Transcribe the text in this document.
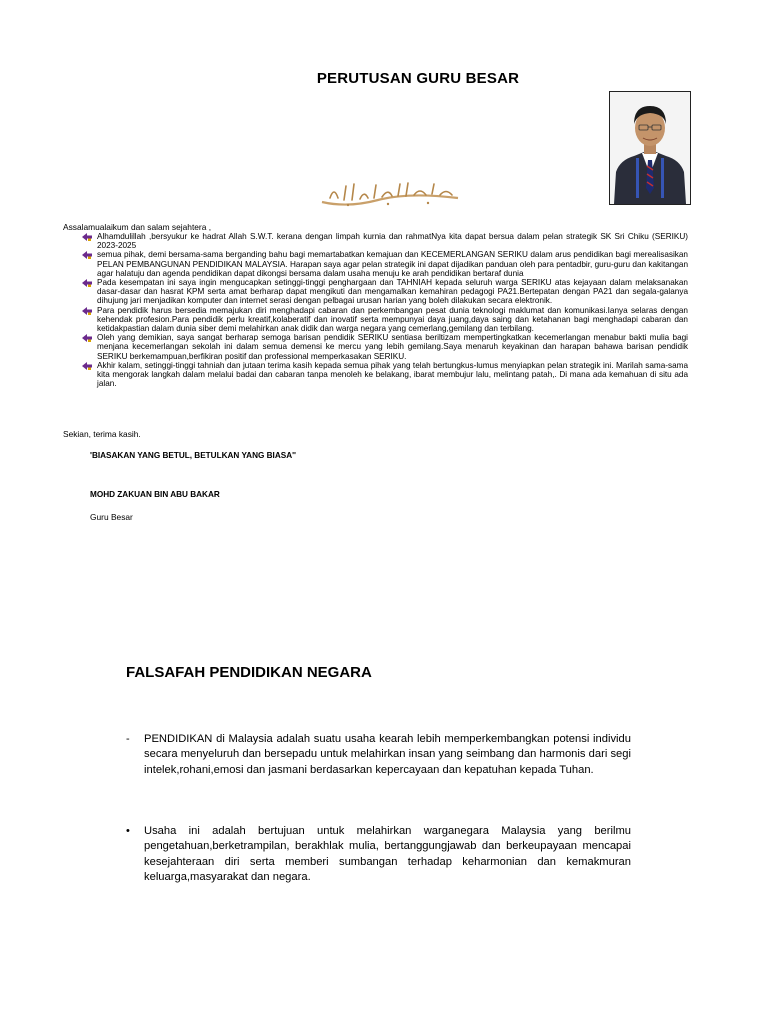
PERUTUSAN GURU BESAR
Assalamualaikum dan salam sejahtera ,
Alhamdulillah ,bersyukur ke hadrat Allah S.W.T. kerana dengan limpah kurnia dan rahmatNya kita dapat bersua dalam pelan strategik SK Sri Chiku (SERIKU) 2023-2025
semua pihak, demi bersama-sama berganding bahu bagi memartabatkan kemajuan dan KECEMERLANGAN SERIKU dalam arus pendidikan bagi merealisasikan PELAN PEMBANGUNAN PENDIDIKAN MALAYSIA. Harapan saya agar pelan strategik ini dapat dijadikan panduan oleh para pentadbir, guru-guru dan kakitangan agar halatuju dan agenda pendidikan dapat dikongsi bersama dalam usaha menuju ke arah pendidikan bertaraf dunia
Pada kesempatan ini saya ingin mengucapkan setinggi-tinggi penghargaan dan TAHNIAH kepada seluruh warga SERIKU atas kejayaan dalam melaksanakan dasar-dasar dan hasrat KPM serta amat berharap dapat mengikuti dan mengamalkan kemahiran pedagogi PA21.Bertepatan dengan PA21 dan segala-galanya dihujung jari menjadikan komputer dan internet serasi dengan pelbagai urusan harian yang boleh dilakukan secara elektronik.
Para pendidik harus bersedia memajukan diri menghadapi cabaran dan perkembangan pesat dunia teknologi maklumat dan komunikasi.Ianya selaras dengan kehendak profesion.Para pendidik perlu kreatif,kolaberatif dan inovatif serta mempunyai daya juang,daya saing dan ketahanan bagi menghadapi cabaran dan ketidakpastian dalam dunia siber demi melahirkan anak didik dan warga negara yang cemerlang,gemilang dan terbilang.
Oleh yang demikian, saya sangat berharap semoga barisan pendidik SERIKU sentiasa beriltizam mempertingkatkan kecemerlangan menabur bakti mulia bagi menjana kecemerlangan sekolah ini dalam semua demensi ke mercu yang lebih gemilang.Saya menaruh keyakinan dan harapan bahawa barisan pendidik SERIKU berkemampuan,berfikiran positif dan professional memperkasakan SERIKU.
Akhir kalam, setinggi-tinggi tahniah dan jutaan terima kasih kepada semua pihak yang telah bertungkus-lumus menyiapkan pelan strategik ini. Marilah sama-sama kita mengorak langkah dalam melalui badai dan cabaran tanpa menoleh ke belakang, ibarat membujur lalu, melintang patah,. Di mana ada kemahuan di situ ada jalan.
Sekian, terima kasih.
'BIASAKAN YANG BETUL, BETULKAN YANG BIASA''
MOHD ZAKUAN BIN ABU BAKAR
Guru Besar
FALSAFAH PENDIDIKAN NEGARA
- PENDIDIKAN di Malaysia adalah suatu usaha kearah lebih memperkembangkan potensi individu secara menyeluruh dan bersepadu untuk melahirkan insan yang seimbang dan harmonis dari segi intelek,rohani,emosi dan jasmani berdasarkan kepercayaan dan kepatuhan kepada Tuhan.
• Usaha ini adalah bertujuan untuk melahirkan warganegara Malaysia yang berilmu pengetahuan,berketrampilan, berakhlak mulia, bertanggungjawab dan berkeupayaan mencapai kesejahteraan diri serta memberi sumbangan terhadap keharmonian dan kemakmuran keluarga,masyarakat dan negara.
